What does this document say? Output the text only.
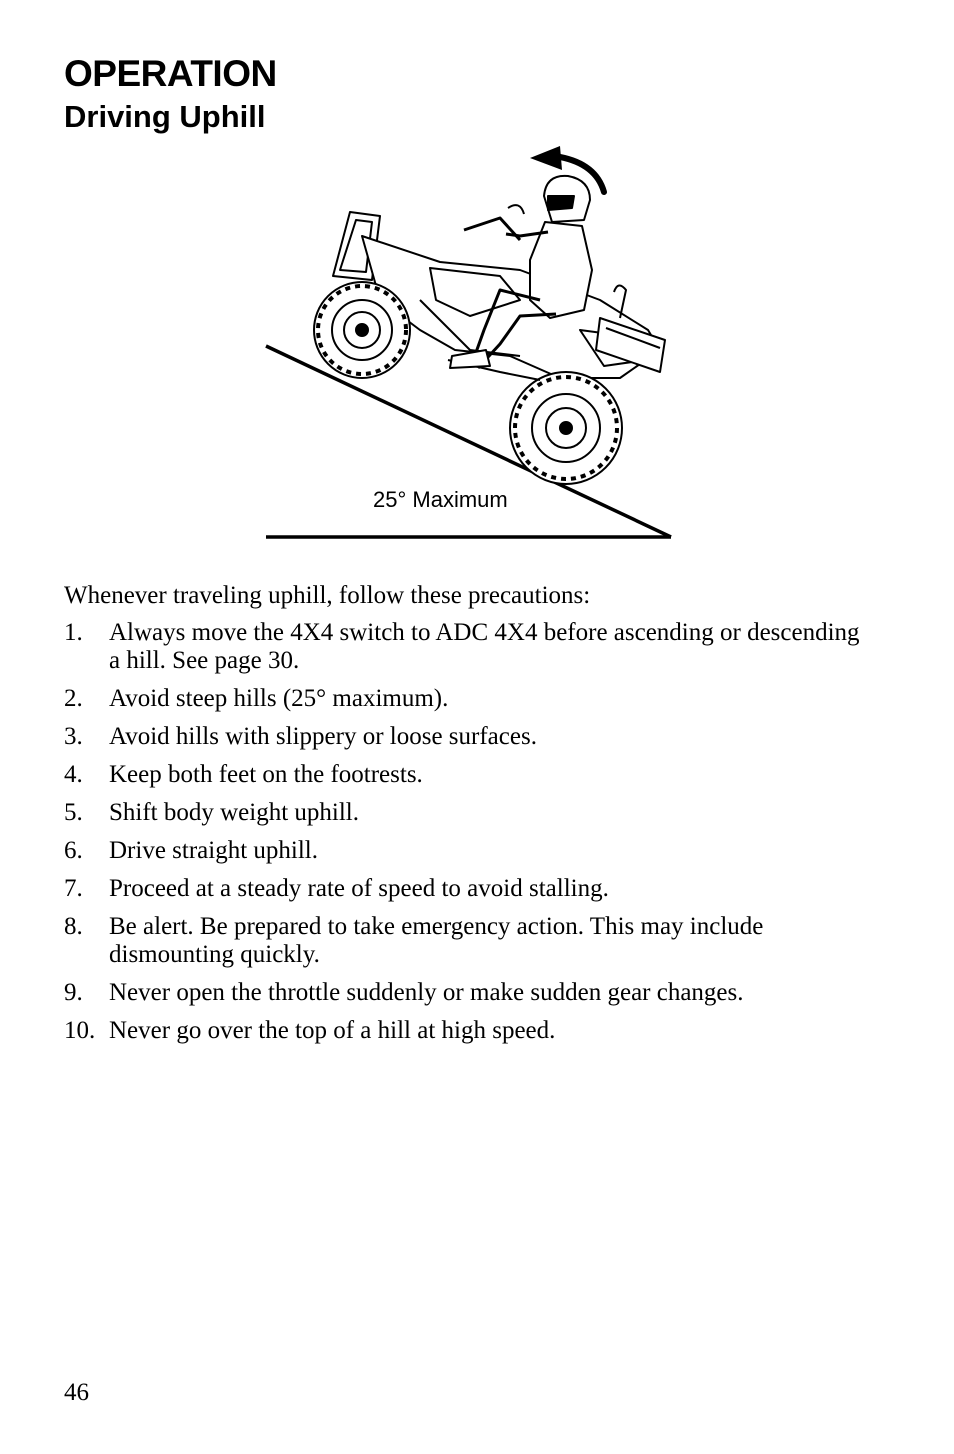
OPERATION
Driving Uphill
25° Maximum

Whenever traveling uphill, follow these precautions:

1.	Always move the 4X4 switch to ADC 4X4 before ascending or descending a hill. See page 30.
2.	Avoid steep hills (25° maximum).
3.	Avoid hills with slippery or loose surfaces.
4.	Keep both feet on the footrests.
5.	Shift body weight uphill.
6.	Drive straight uphill.
7.	Proceed at a steady rate of speed to avoid stalling.
8.	Be alert. Be prepared to take emergency action. This may include dismounting quickly.
9.	Never open the throttle suddenly or make sudden gear changes.
10. Never go over the top of a hill at high speed.
46
